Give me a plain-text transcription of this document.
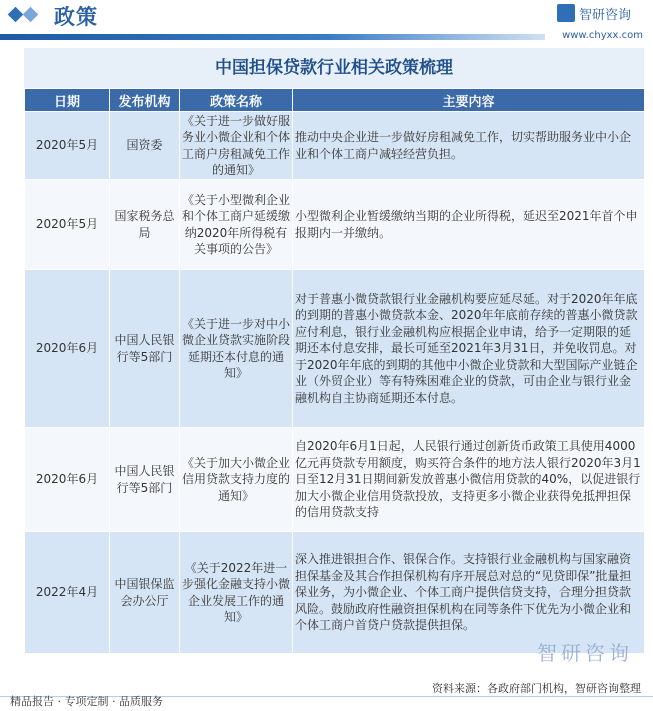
政策	智研咨询
www.chyxx.com
中国担保贷款行业相关政策梳理
日期	发布机构	政策名称	主要内容
2020年5月	国资委	《关于进一步做好服务业小微企业和个体工商户房租减免工作的通知》	推动中央企业进一步做好房租减免工作，切实帮助服务业中小企业和个体工商户减轻经营负担。
2020年5月	国家税务总局	《关于小型微利企业和个体工商户延缓缴纳2020年所得税有关事项的公告》	小型微利企业暂缓缴纳当期的企业所得税，延迟至2021年首个申报期内一并缴纳。
2020年6月	中国人民银行等5部门	《关于进一步对中小微企业贷款实施阶段延期还本付息的通知》	对于普惠小微贷款银行业金融机构要应延尽延。对于2020年年底的到期的普惠小微贷款本金、2020年年底前存续的普惠小微贷款应付利息，银行业金融机构应根据企业申请，给予一定期限的延期还本付息安排，最长可延至2021年3月31日，并免收罚息。对于2020年年底的到期的其他中小微企业贷款和大型国际产业链企业（外贸企业）等有特殊困难企业的贷款，可由企业与银行业金融机构自主协商延期还本付息。
2020年6月	中国人民银行等5部门	《关于加大小微企业信用贷款支持力度的通知》	自2020年6月1日起，人民银行通过创新货币政策工具使用4000亿元再贷款专用额度，购买符合条件的地方法人银行2020年3月1日至12月31日期间新发放普惠小微信用贷款的40%，以促进银行加大小微企业信用贷款投放，支持更多小微企业获得免抵押担保的信用贷款支持
2022年4月	中国银保监会办公厅	《关于2022年进一步强化金融支持小微企业发展工作的通知》	深入推进银担合作、银保合作。支持银行业金融机构与国家融资担保基金及其合作担保机构有序开展总对总的“见贷即保”批量担保业务，为小微企业、个体工商户提供信贷支持，合理分担贷款风险。鼓励政府性融资担保机构在同等条件下优先为小微企业和个体工商户首贷户贷款提供担保。
智研咨询
资料来源：各政府部门机构，智研咨询整理
精品报告 · 专项定制 · 品质服务
